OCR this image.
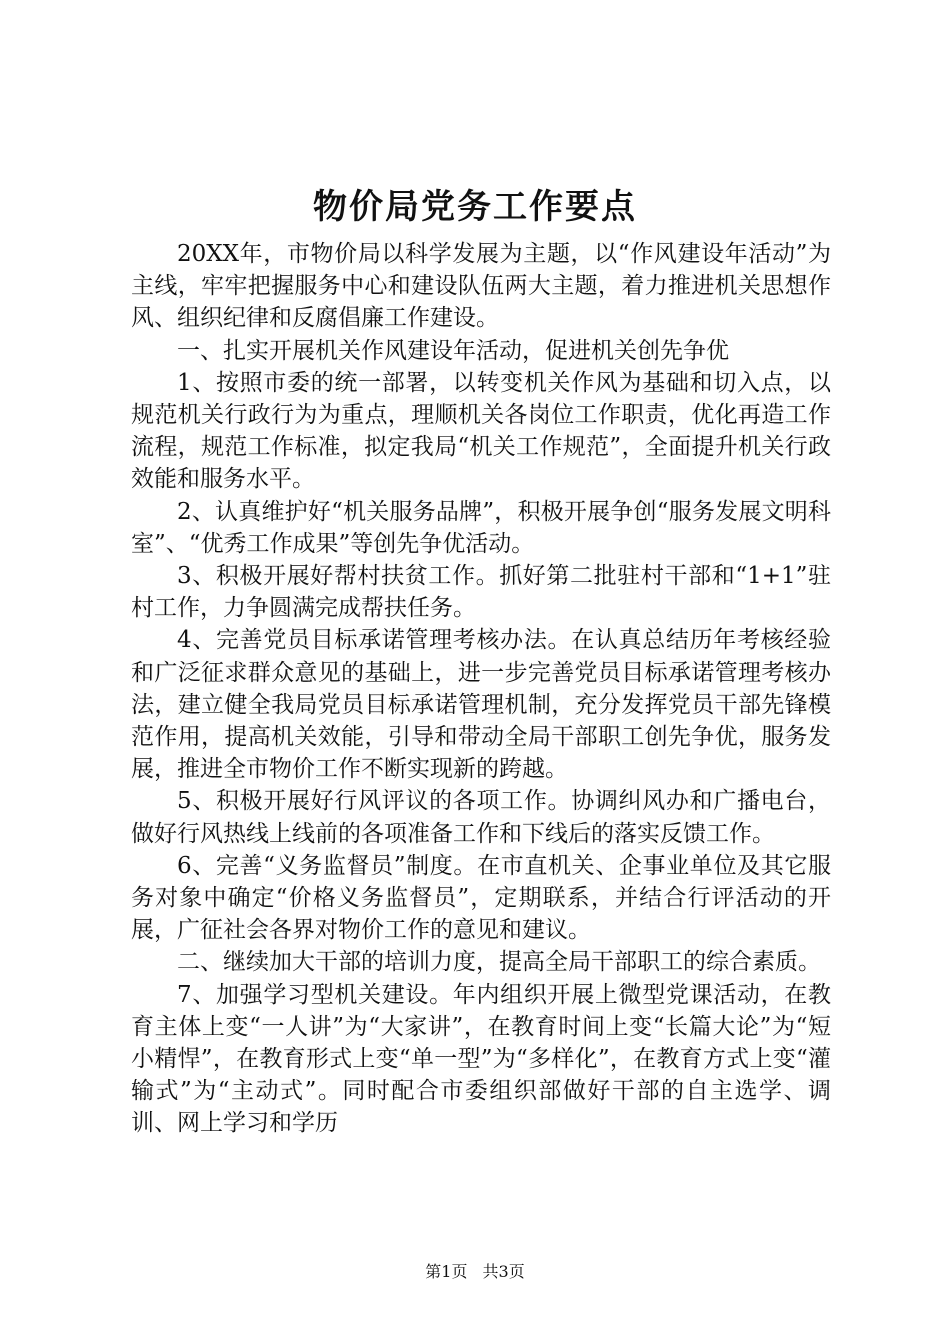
物价局党务工作要点

20XX年，市物价局以科学发展为主题，以“作风建设年活动”为主线，牢牢把握服务中心和建设队伍两大主题，着力推进机关思想作风、组织纪律和反腐倡廉工作建设。

一、扎实开展机关作风建设年活动，促进机关创先争优

1、按照市委的统一部署，以转变机关作风为基础和切入点，以规范机关行政行为为重点，理顺机关各岗位工作职责，优化再造工作流程，规范工作标准，拟定我局“机关工作规范”，全面提升机关行政效能和服务水平。

2、认真维护好“机关服务品牌”，积极开展争创“服务发展文明科室”、“优秀工作成果”等创先争优活动。

3、积极开展好帮村扶贫工作。抓好第二批驻村干部和“1+1”驻村工作，力争圆满完成帮扶任务。

4、完善党员目标承诺管理考核办法。在认真总结历年考核经验和广泛征求群众意见的基础上，进一步完善党员目标承诺管理考核办法，建立健全我局党员目标承诺管理机制，充分发挥党员干部先锋模范作用，提高机关效能，引导和带动全局干部职工创先争优，服务发展，推进全市物价工作不断实现新的跨越。

5、积极开展好行风评议的各项工作。协调纠风办和广播电台，做好行风热线上线前的各项准备工作和下线后的落实反馈工作。

6、完善“义务监督员”制度。在市直机关、企事业单位及其它服务对象中确定“价格义务监督员”，定期联系，并结合行评活动的开展，广征社会各界对物价工作的意见和建议。

二、继续加大干部的培训力度，提高全局干部职工的综合素质。

7、加强学习型机关建设。年内组织开展上微型党课活动，在教育主体上变“一人讲”为“大家讲”，在教育时间上变“长篇大论”为“短小精悍”，在教育形式上变“单一型”为“多样化”，在教育方式上变“灌输式”为“主动式”。同时配合市委组织部做好干部的自主选学、调训、网上学习和学历

第1页 共3页
